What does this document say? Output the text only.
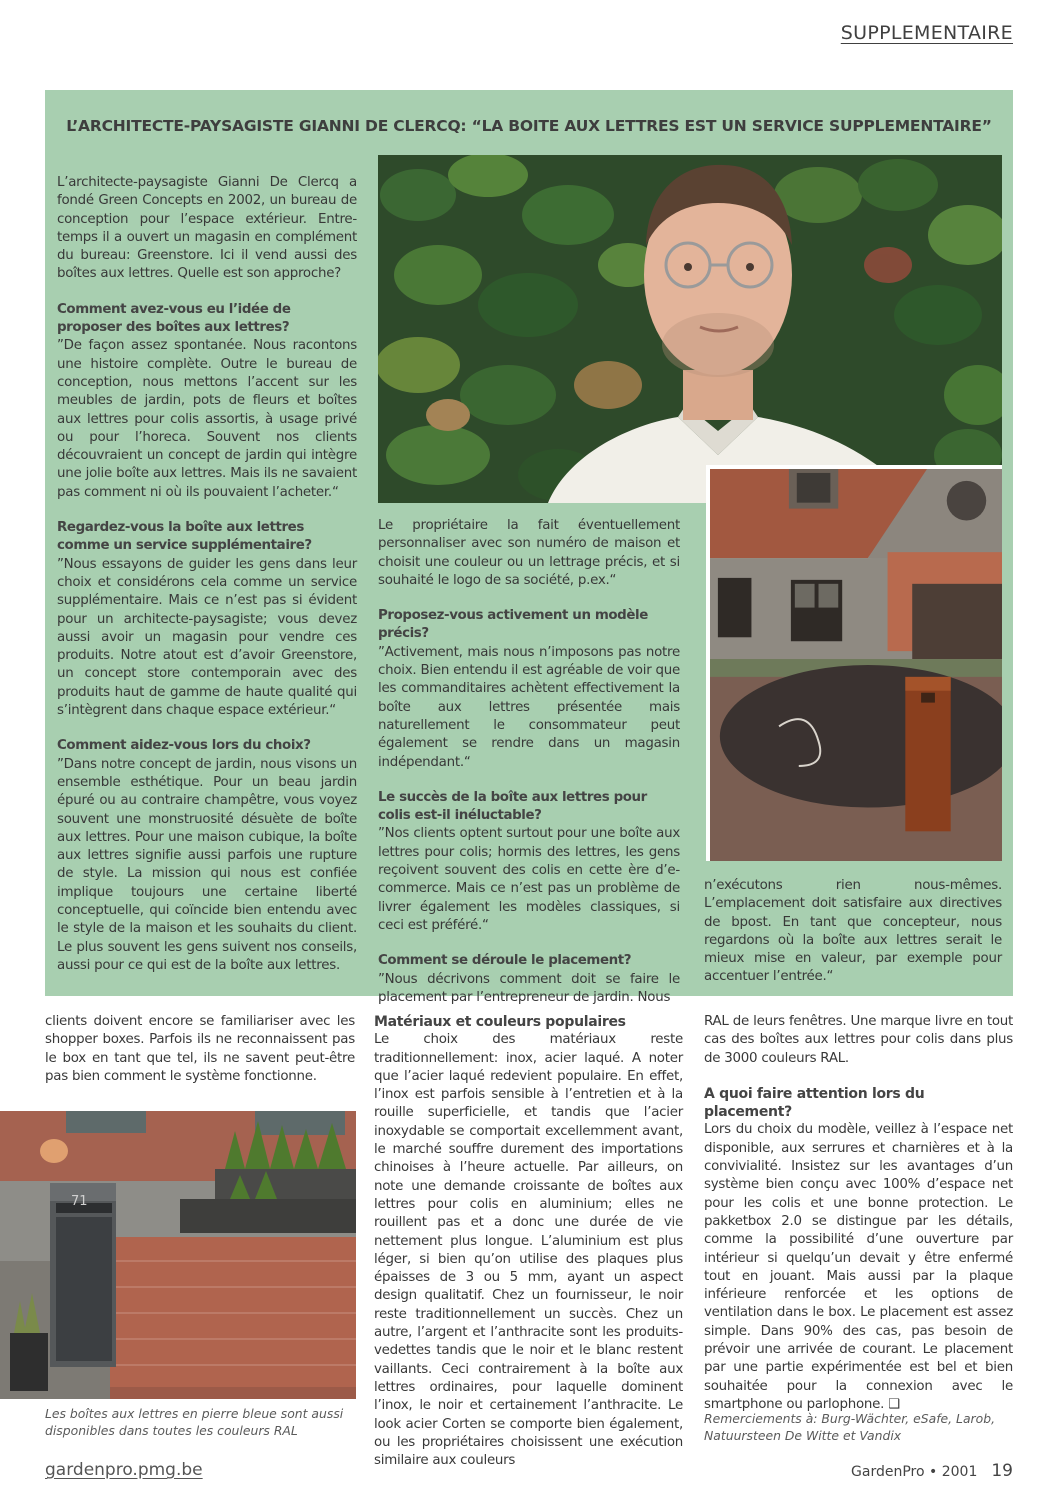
SUPPLEMENTAIRE
L’ARCHITECTE-PAYSAGISTE GIANNI DE CLERCQ: “LA BOITE AUX LETTRES EST UN SERVICE SUPPLEMENTAIRE”
71

L’architecte-paysagiste Gianni De Clercq a fondé Green Concepts en 2002, un bureau de conception pour l’espace extérieur. Entre-temps il a ouvert un magasin en complément du bureau: Greenstore. Ici il vend aussi des boîtes aux lettres. Quelle est son approche?

Comment avez-vous eu l’idée de proposer des boîtes aux lettres?

”De façon assez spontanée. Nous racontons une histoire complète. Outre le bureau de conception, nous mettons l’accent sur les meubles de jardin, pots de fleurs et boîtes aux lettres pour colis assortis, à usage privé ou pour l’horeca. Souvent nos clients découvraient un concept de jardin qui intègre une jolie boîte aux lettres. Mais ils ne savaient pas comment ni où ils pouvaient l’acheter.“

Regardez-vous la boîte aux lettres comme un service supplémentaire?

”Nous essayons de guider les gens dans leur choix et considérons cela comme un service supplémentaire. Mais ce n’est pas si évident pour un architecte-paysagiste; vous devez aussi avoir un magasin pour vendre ces produits. Notre atout est d’avoir Greenstore, un concept store contemporain avec des produits haut de gamme de haute qualité qui s’intègrent dans chaque espace extérieur.“

Comment aidez-vous lors du choix?

”Dans notre concept de jardin, nous visons un ensemble esthétique. Pour un beau jardin épuré ou au contraire champêtre, vous voyez souvent une monstruosité désuète de boîte aux lettres. Pour une maison cubique, la boîte aux lettres signifie aussi parfois une rupture de style. La mission qui nous est confiée implique toujours une certaine liberté conceptuelle, qui coïncide bien entendu avec le style de la maison et les souhaits du client. Le plus souvent les gens suivent nos conseils, aussi pour ce qui est de la boîte aux lettres.

Le propriétaire la fait éventuellement personnaliser avec son numéro de maison et choisit une couleur ou un lettrage précis, et si souhaité le logo de sa société, p.ex.“

Proposez-vous activement un modèle précis?

”Activement, mais nous n’imposons pas notre choix. Bien entendu il est agréable de voir que les commanditaires achètent effectivement la boîte aux lettres présentée mais naturellement le consommateur peut également se rendre dans un magasin indépendant.“

Le succès de la boîte aux lettres pour colis est-il inéluctable?

”Nos clients optent surtout pour une boîte aux lettres pour colis; hormis des lettres, les gens reçoivent souvent des colis en cette ère d’e-commerce. Mais ce n’est pas un problème de livrer également les modèles classiques, si ceci est préféré.“

Comment se déroule le placement?

”Nous décrivons comment doit se faire le placement par l’entrepreneur de jardin. Nous

n’exécutons rien nous-mêmes. L’emplacement doit satisfaire aux directives de bpost. En tant que concepteur, nous regardons où la boîte aux lettres serait le mieux mise en valeur, par exemple pour accentuer l’entrée.“

clients doivent encore se familiariser avec les shopper boxes. Parfois ils ne reconnaissent pas le box en tant que tel, ils ne savent peut-être pas bien comment le système fonctionne.

Matériaux et couleurs populaires

Le choix des matériaux reste traditionnellement: inox, acier laqué. A noter que l’acier laqué redevient populaire. En effet, l’inox est parfois sensible à l’entretien et à la rouille superficielle, et tandis que l’acier inoxydable se comportait excellemment avant, le marché souffre durement des importations chinoises à l’heure actuelle. Par ailleurs, on note une demande croissante de boîtes aux lettres pour colis en aluminium; elles ne rouillent pas et a donc une durée de vie nettement plus longue. L’aluminium est plus léger, si bien qu’on utilise des plaques plus épaisses de 3 ou 5 mm, ayant un aspect design qualitatif. Chez un fournisseur, le noir reste traditionnellement un succès. Chez un autre, l’argent et l’anthracite sont les produits-vedettes tandis que le noir et le blanc restent vaillants. Ceci contrairement à la boîte aux lettres ordinaires, pour laquelle dominent l’inox, le noir et certainement l’anthracite. Le look acier Corten se comporte bien également, ou les propriétaires choisissent une exécution similaire aux couleurs

RAL de leurs fenêtres. Une marque livre en tout cas des boîtes aux lettres pour colis dans plus de 3000 couleurs RAL.

A quoi faire attention lors du placement?

Lors du choix du modèle, veillez à l’espace net disponible, aux serrures et charnières et à la convivialité. Insistez sur les avantages d’un système bien conçu avec 100% d’espace net pour les colis et une bonne protection. Le pakketbox 2.0 se distingue par les détails, comme la possibilité d’une ouverture par intérieur si quelqu’un devait y être enfermé tout en jouant. Mais aussi par la plaque inférieure renforcée et les options de ventilation dans le box. Le placement est assez simple. Dans 90% des cas, pas besoin de prévoir une arrivée de courant. Le placement par une partie expérimentée est bel et bien souhaitée pour la connexion avec le smartphone ou parlophone. ❑

Les boîtes aux lettres en pierre bleue sont aussi disponibles dans toutes les couleurs RAL
Remerciements à: Burg-Wächter, eSafe, Larob, Natuursteen De Witte et Vandix
gardenpro.pmg.be	GardenPro • 2001 19
